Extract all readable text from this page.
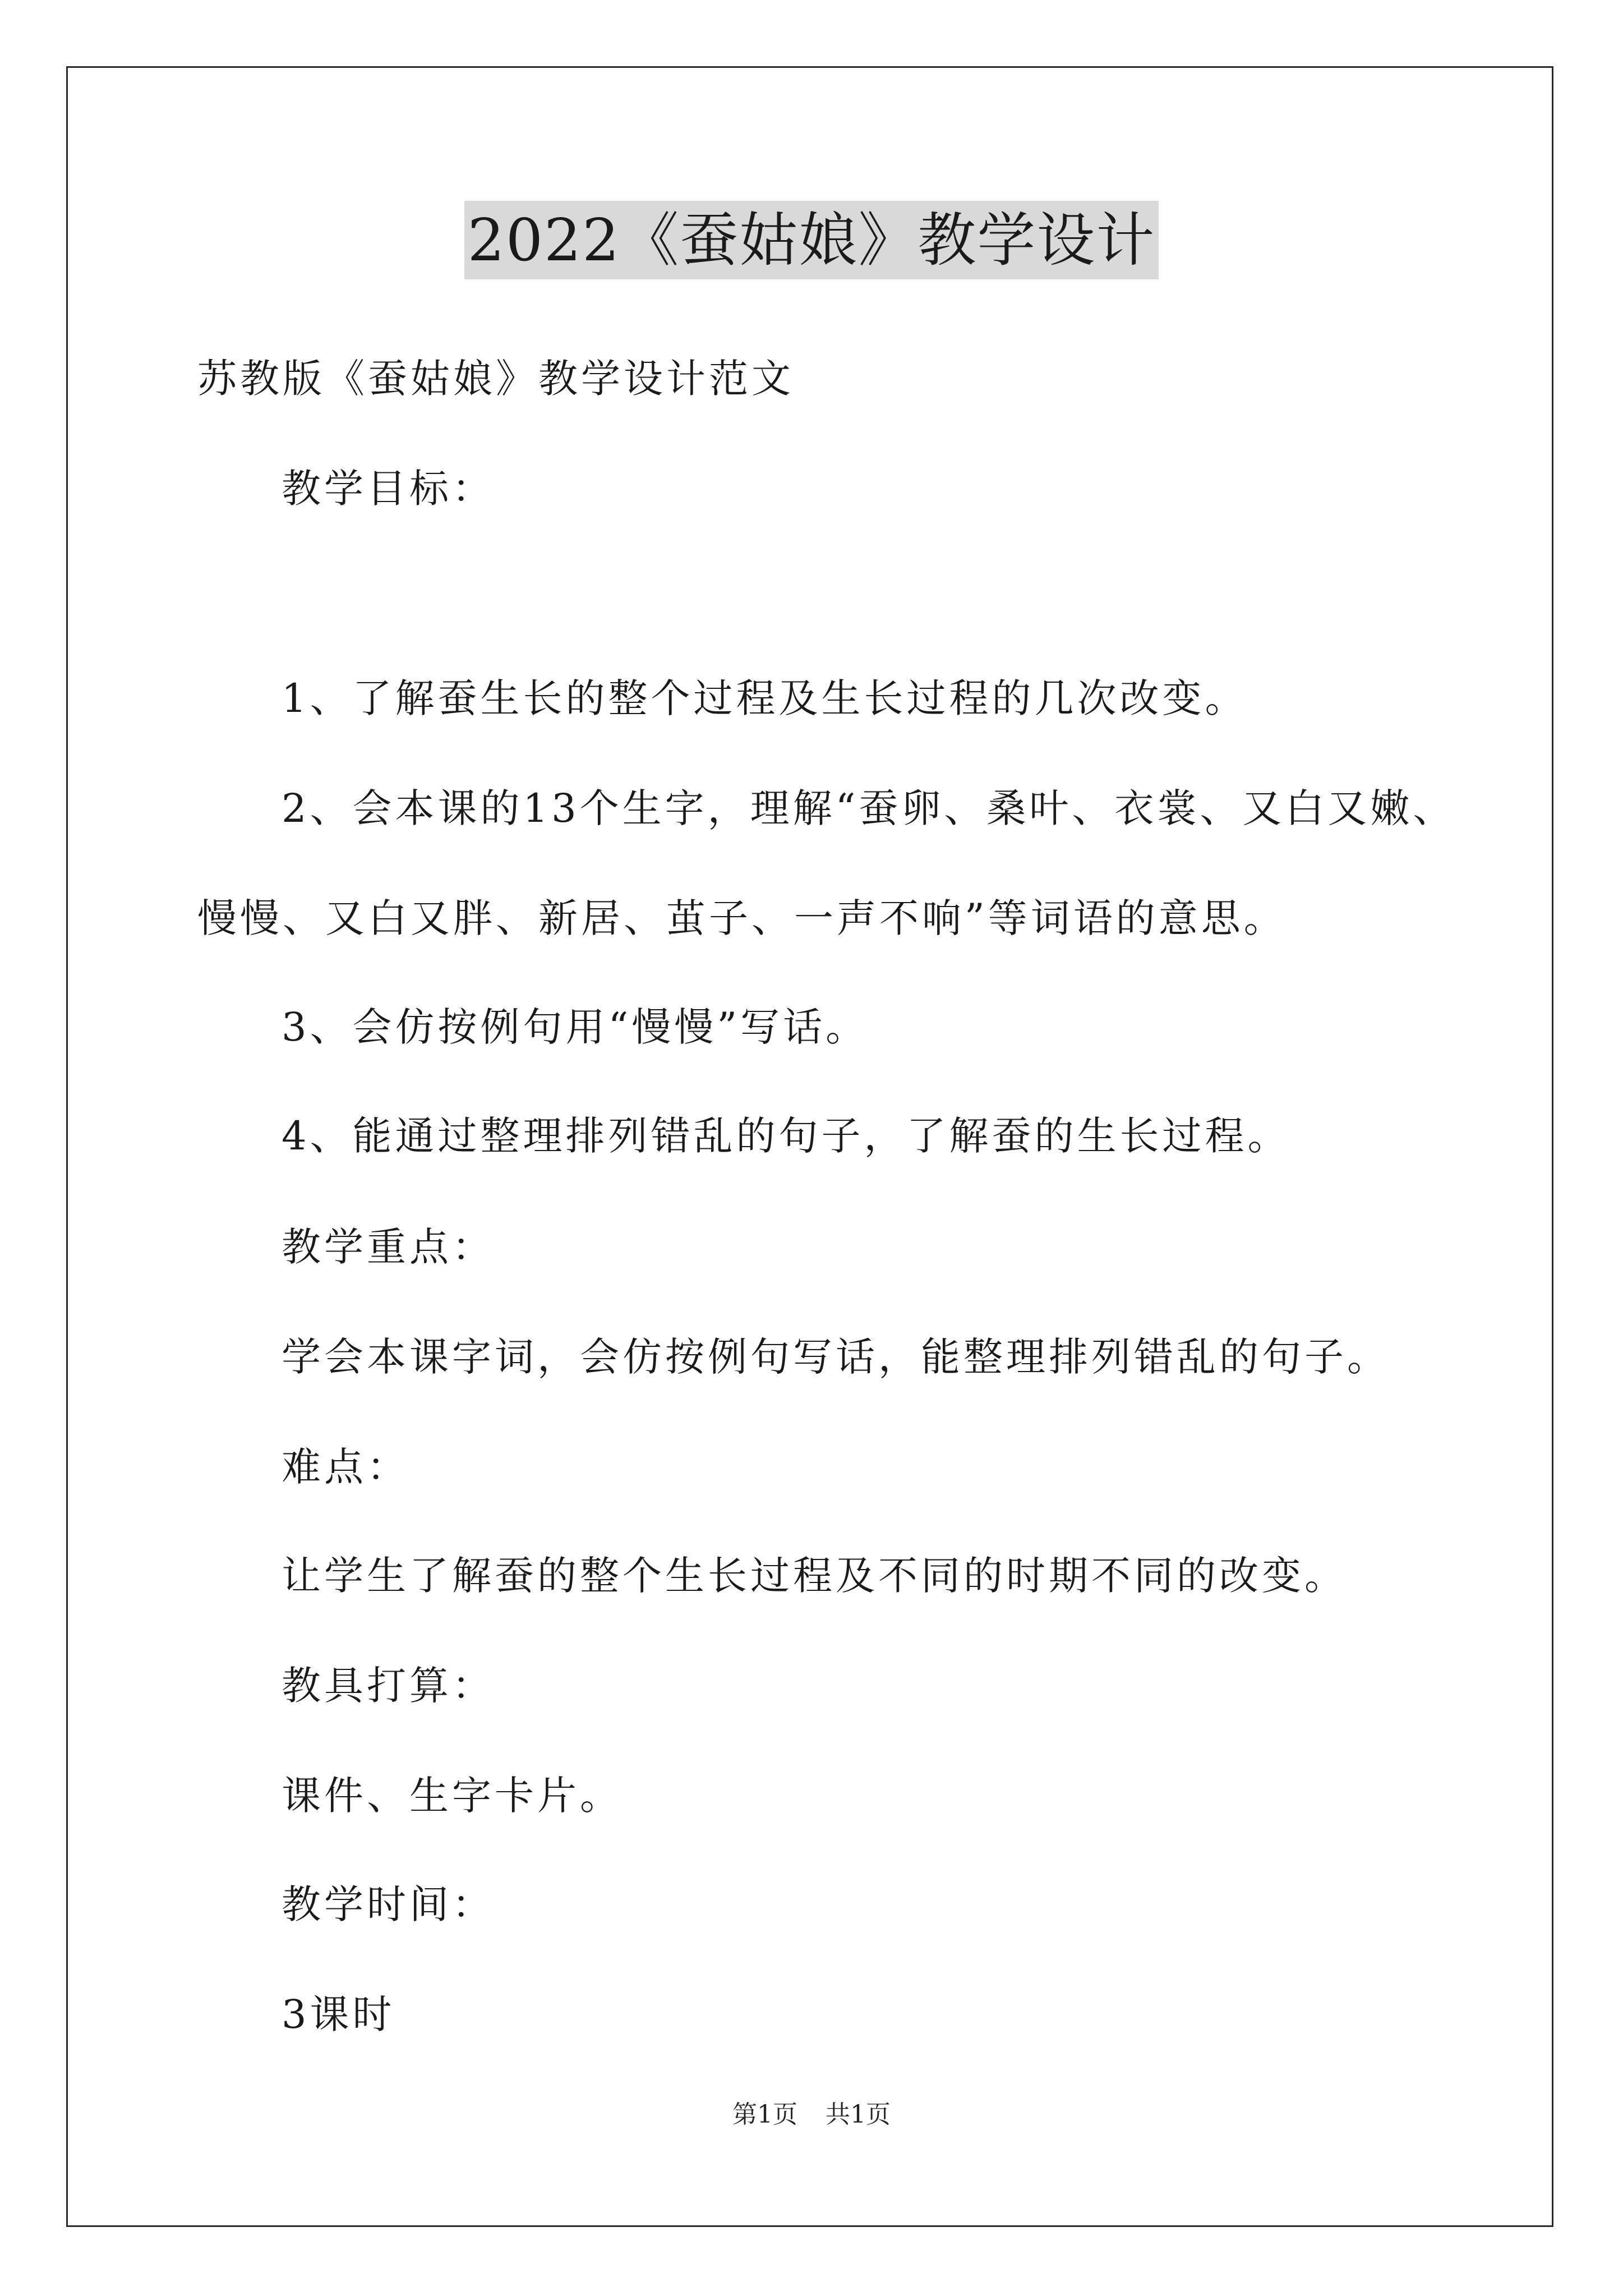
2022《蚕姑娘》教学设计
苏教版《蚕姑娘》教学设计范文
教学目标：
1、了解蚕生长的整个过程及生长过程的几次改变。
2、会本课的13个生字，理解“蚕卵、桑叶、衣裳、又白又嫩、
慢慢、又白又胖、新居、茧子、一声不响”等词语的意思。
3、会仿按例句用“慢慢”写话。
4、能通过整理排列错乱的句子，了解蚕的生长过程。
教学重点：
学会本课字词，会仿按例句写话，能整理排列错乱的句子。
难点：
让学生了解蚕的整个生长过程及不同的时期不同的改变。
教具打算：
课件、生字卡片。
教学时间：
3课时
第1页 共1页
